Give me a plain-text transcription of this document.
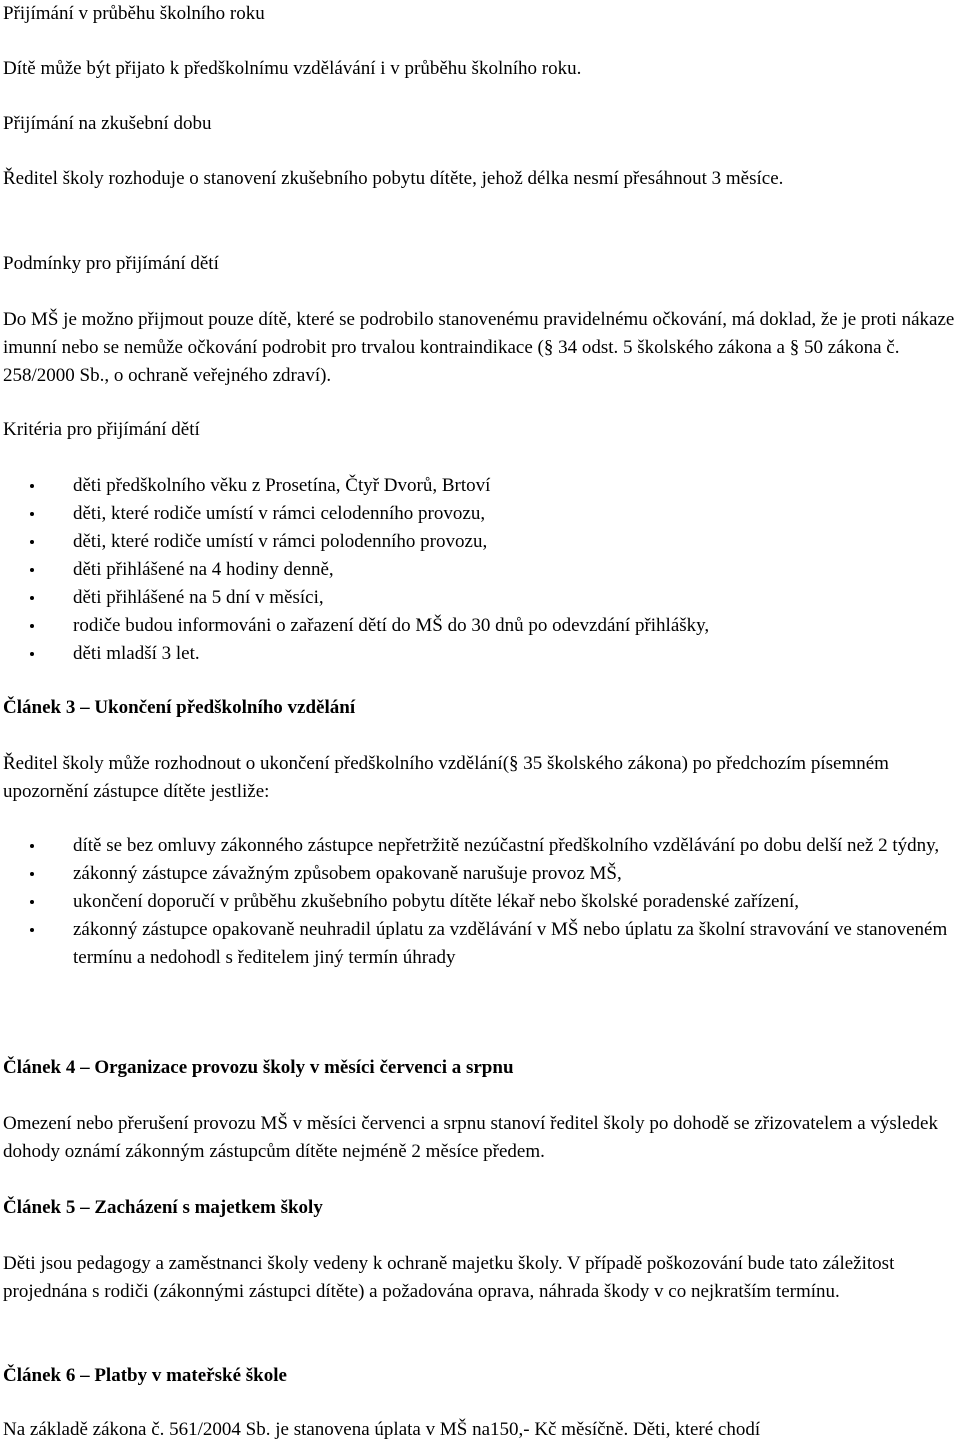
Přijímání v průběhu školního roku

Dítě může být přijato k předškolnímu vzdělávání i v průběhu školního roku.

Přijímání na zkušební dobu

Ředitel školy rozhoduje o stanovení zkušebního pobytu dítěte, jehož délka nesmí přesáhnout 3 měsíce.

Podmínky pro přijímání dětí

Do MŠ je možno přijmout pouze dítě, které se podrobilo stanovenému pravidelnému očkování, má doklad, že je proti nákaze imunní nebo se nemůže očkování podrobit pro trvalou kontraindikace (§ 34 odst. 5 školského zákona a § 50 zákona č. 258/2000 Sb., o ochraně veřejného zdraví).

Kritéria pro přijímání dětí

děti předškolního věku z Prosetína, Čtyř Dvorů, Brtoví
děti, které rodiče umístí v rámci celodenního provozu,
děti, které rodiče umístí v rámci polodenního provozu,
děti přihlášené na 4 hodiny denně,
děti přihlášené na 5 dní v měsíci,
rodiče budou informováni o zařazení dětí do MŠ do 30 dnů po odevzdání přihlášky,
děti mladší 3 let.

Článek 3 – Ukončení předškolního vzdělání

Ředitel školy může rozhodnout o ukončení předškolního vzdělání(§ 35 školského zákona) po předchozím písemném upozornění zástupce dítěte jestliže:

dítě se bez omluvy zákonného zástupce nepřetržitě nezúčastní předškolního vzdělávání po dobu delší než 2 týdny,
zákonný zástupce závažným způsobem opakovaně narušuje provoz MŠ,
ukončení doporučí v průběhu zkušebního pobytu dítěte lékař nebo školské poradenské zařízení,
zákonný zástupce opakovaně neuhradil úplatu za vzdělávání v MŠ nebo úplatu za školní stravování ve stanoveném termínu a nedohodl s ředitelem jiný termín úhrady

Článek 4 – Organizace provozu školy v měsíci červenci a srpnu

Omezení nebo přerušení provozu MŠ v měsíci červenci a srpnu stanoví ředitel školy po dohodě se zřizovatelem a výsledek dohody oznámí zákonným zástupcům dítěte nejméně 2 měsíce předem.

Článek 5 – Zacházení s majetkem školy

Děti jsou pedagogy a zaměstnanci školy vedeny k ochraně majetku školy. V případě poškozování bude tato záležitost projednána s rodiči (zákonnými zástupci dítěte) a požadována oprava, náhrada škody v co nejkratším termínu.

Článek 6 – Platby v mateřské škole

Na základě zákona č. 561/2004 Sb. je stanovena úplata v MŠ na150,- Kč měsíčně. Děti, které chodí
